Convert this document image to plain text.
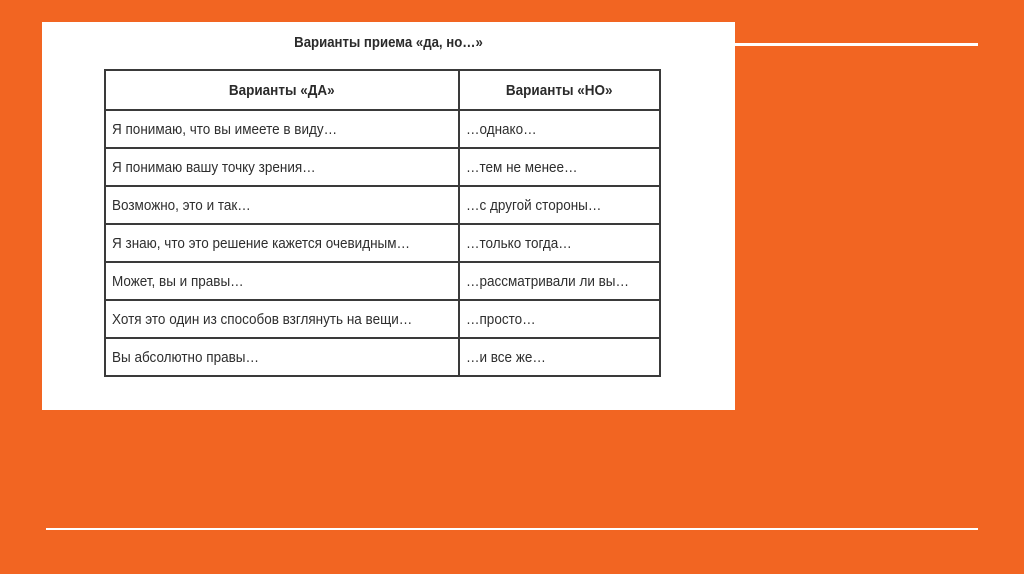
Варианты приема «да, но…»
Варианты «ДА»	Варианты «НО»
Я понимаю, что вы имеете в виду…	…однако…
Я понимаю вашу точку зрения…	…тем не менее…
Возможно, это и так…	…с другой стороны…
Я знаю, что это решение кажется очевидным…	…только тогда…
Может, вы и правы…	…рассматривали ли вы…
Хотя это один из способов взглянуть на вещи…	…просто…
Вы абсолютно правы…	…и все же…
